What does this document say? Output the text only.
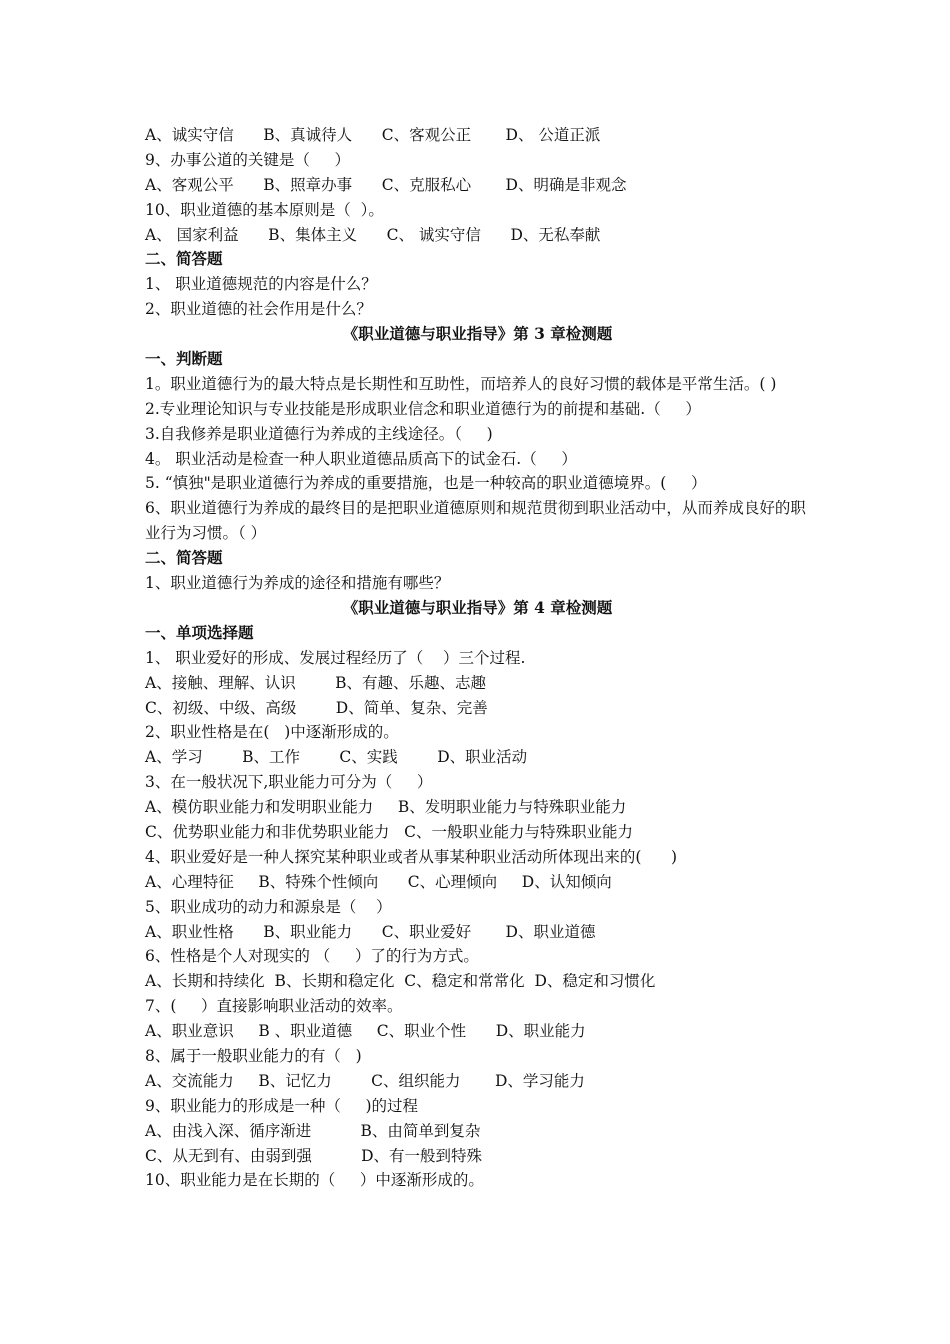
A、诚实守信      B、真诚待人      C、客观公正       D、 公道正派
9、办事公道的关键是（     ）
A、客观公平      B、照章办事      C、克服私心       D、明确是非观念
10、职业道德的基本原则是（  ）。
A、 国家利益      B、集体主义      C、 诚实守信      D、无私奉献
二、简答题
1、 职业道德规范的内容是什么？
2、职业道德的社会作用是什么？
《职业道德与职业指导》第 3 章检测题
一、判断题
1。职业道德行为的最大特点是长期性和互助性，而培养人的良好习惯的载体是平常生活。( )
2.专业理论知识与专业技能是形成职业信念和职业道德行为的前提和基础.（     ）
3.自我修养是职业道德行为养成的主线途径。（     )
4。 职业活动是检查一种人职业道德品质高下的试金石.（     ）
5. “慎独"是职业道德行为养成的重要措施，也是一种较高的职业道德境界。(     ）
6、职业道德行为养成的最终目的是把职业道德原则和规范贯彻到职业活动中，从而养成良好的职业行为习惯。（ ）
二、简答题
1、职业道德行为养成的途径和措施有哪些？
《职业道德与职业指导》第 4 章检测题
一、单项选择题
1、 职业爱好的形成、发展过程经历了（    ）三个过程.
A、接触、理解、认识        B、有趣、乐趣、志趣
C、初级、中级、高级        D、简单、复杂、完善
2、职业性格是在(   )中逐渐形成的。
A、学习        B、工作        C、实践        D、职业活动
3、在一般状况下,职业能力可分为（     ）
A、模仿职业能力和发明职业能力     B、发明职业能力与特殊职业能力
C、优势职业能力和非优势职业能力   C、一般职业能力与特殊职业能力
4、职业爱好是一种人探究某种职业或者从事某种职业活动所体现出来的(      )
A、心理特征     B、特殊个性倾向      C、心理倾向     D、认知倾向
5、职业成功的动力和源泉是（    ）
A、职业性格      B、职业能力      C、职业爱好       D、职业道德
6、性格是个人对现实的 （     ）了的行为方式。
A、长期和持续化  B、长期和稳定化  C、稳定和常常化  D、稳定和习惯化
7、(     ）直接影响职业活动的效率。
A、职业意识     B 、职业道德     C、职业个性      D、职业能力
8、属于一般职业能力的有（   )
A、交流能力     B、记忆力        C、组织能力       D、学习能力
9、职业能力的形成是一种（     )的过程
A、由浅入深、循序渐进          B、由简单到复杂
C、从无到有、由弱到强          D、有一般到特殊
10、职业能力是在长期的（     ）中逐渐形成的。
